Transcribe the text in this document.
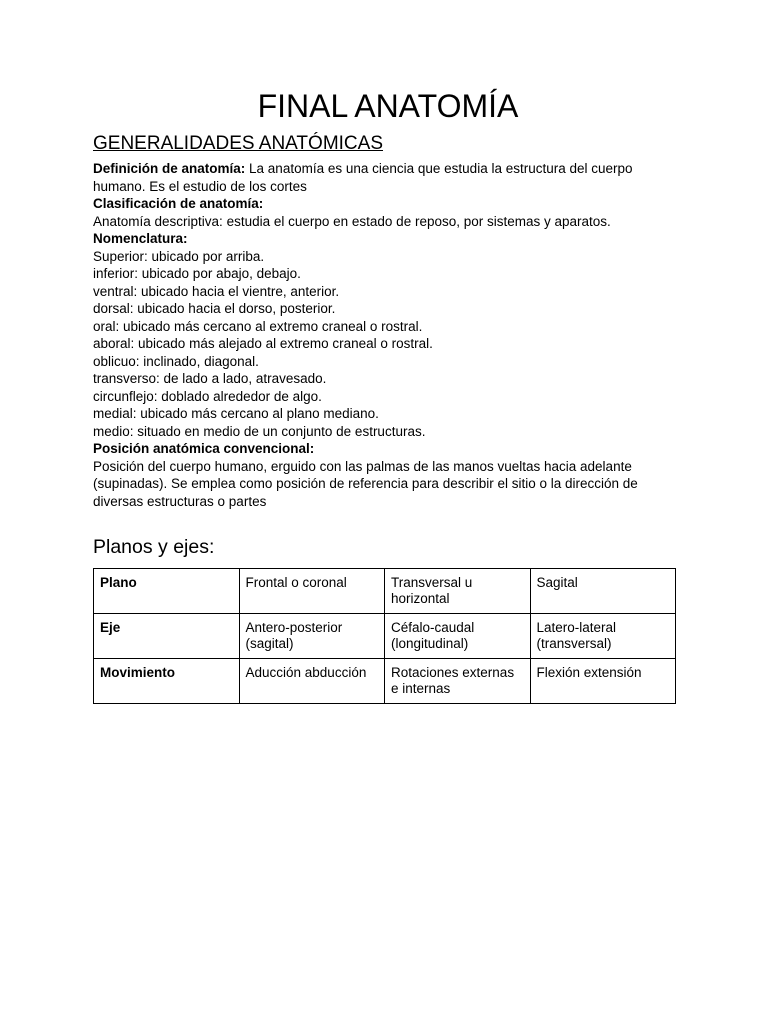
FINAL ANATOMÍA
GENERALIDADES ANATÓMICAS

Definición de anatomía: La anatomía es una ciencia que estudia la estructura del cuerpo humano. Es el estudio de los cortes

Clasificación de anatomía:

Anatomía descriptiva: estudia el cuerpo en estado de reposo, por sistemas y aparatos.

Nomenclatura:

Superior: ubicado por arriba.

inferior: ubicado por abajo, debajo.

ventral: ubicado hacia el vientre, anterior.

dorsal: ubicado hacia el dorso, posterior.

oral: ubicado más cercano al extremo craneal o rostral.

aboral: ubicado más alejado al extremo craneal o rostral.

oblicuo: inclinado, diagonal.

transverso: de lado a lado, atravesado.

circunflejo: doblado alrededor de algo.

medial: ubicado más cercano al plano mediano.

medio: situado en medio de un conjunto de estructuras.

Posición anatómica convencional:

Posición del cuerpo humano, erguido con las palmas de las manos vueltas hacia adelante (supinadas). Se emplea como posición de referencia para describir el sitio o la dirección de diversas estructuras o partes

Planos y ejes:
Plano	Frontal o coronal	Transversal u horizontal	Sagital
Eje	Antero-posterior (sagital)	Céfalo-caudal (longitudinal)	Latero-lateral (transversal)
Movimiento	Aducción abducción	Rotaciones externas e internas	Flexión extensión
